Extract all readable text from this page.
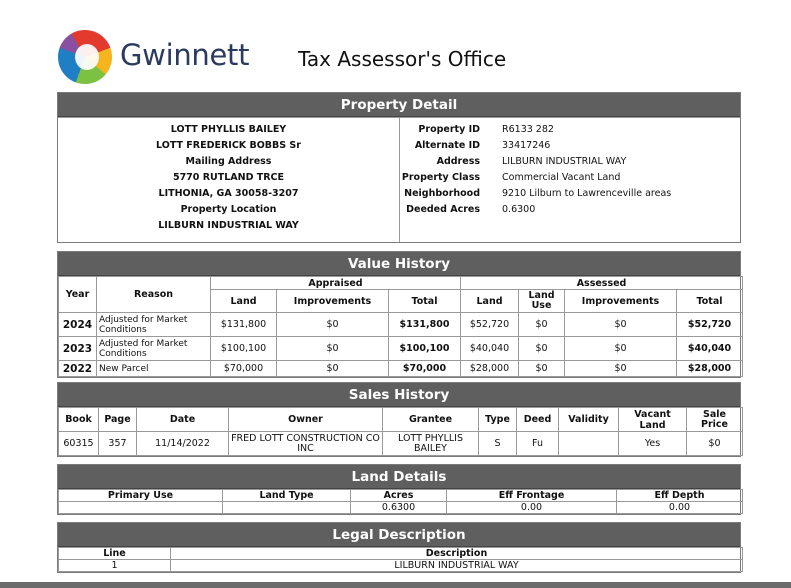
Gwinnett Tax Assessor's Office
Property Detail
LOTT PHYLLIS BAILEY
LOTT FREDERICK BOBBS Sr
Mailing Address
5770 RUTLAND TRCE
LITHONIA, GA 30058-3207
Property Location
LILBURN INDUSTRIAL WAY
Property ID	R6133 282
Alternate ID	33417246
Address	LILBURN INDUSTRIAL WAY
Property Class	Commercial Vacant Land
Neighborhood	9210 Lilburn to Lawrenceville areas
Deeded Acres	0.6300
Value History
Year	Reason	Appraised			Assessed			
		Land	Improvements	Total	Land	Land Use	Improvements	Total
2024	Adjusted for Market Conditions	$131,800	$0	$131,800	$52,720	$0	$0	$52,720
2023	Adjusted for Market Conditions	$100,100	$0	$100,100	$40,040	$0	$0	$40,040
2022	New Parcel	$70,000	$0	$70,000	$28,000	$0	$0	$28,000
Sales History
Book	Page	Date	Owner	Grantee	Type	Deed	Validity	Vacant Land	Sale Price
60315	357	11/14/2022	FRED LOTT CONSTRUCTION CO INC	LOTT PHYLLIS BAILEY	S	Fu		Yes	$0
Land Details
Primary Use	Land Type	Acres	Eff Frontage	Eff Depth
		0.6300	0.00	0.00
Legal Description
Line	Description
1	LILBURN INDUSTRIAL WAY
